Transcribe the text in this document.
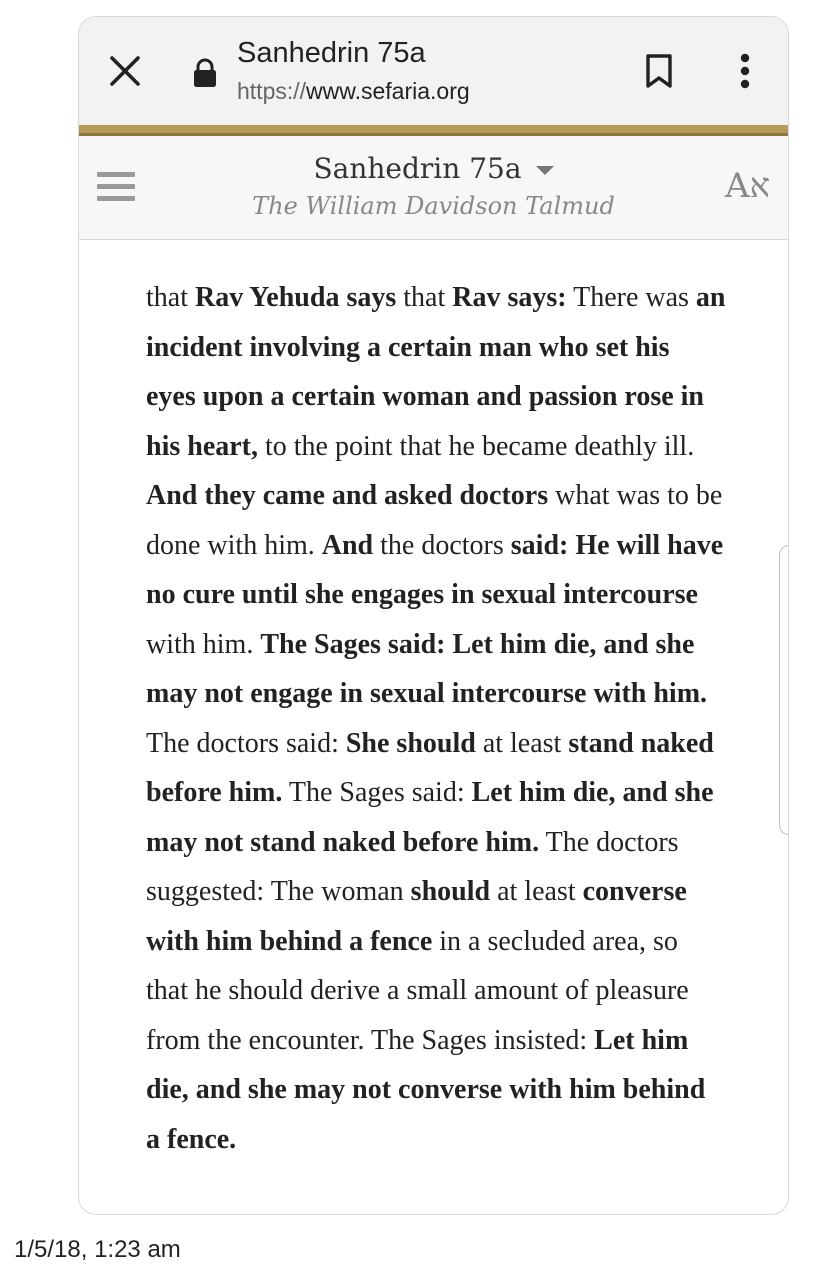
Sanhedrin 75a
https://www.sefaria.org
Sanhedrin 75a
The William Davidson Talmud	Aא
that Rav Yehuda says that Rav says: There was an incident involving a certain man who set his eyes upon a certain woman and passion rose in his heart, to the point that he became deathly ill. And they came and asked doctors what was to be done with him. And the doctors said: He will have no cure until she engages in sexual intercourse with him. The Sages said: Let him die, and she may not engage in sexual intercourse with him. The doctors said: She should at least stand naked before him. The Sages said: Let him die, and she may not stand naked before him. The doctors suggested: The woman should at least converse with him behind a fence in a secluded area, so that he should derive a small amount of pleasure from the encounter. The Sages insisted: Let him die, and she may not converse with him behind a fence.
1/5/18, 1:23 am
